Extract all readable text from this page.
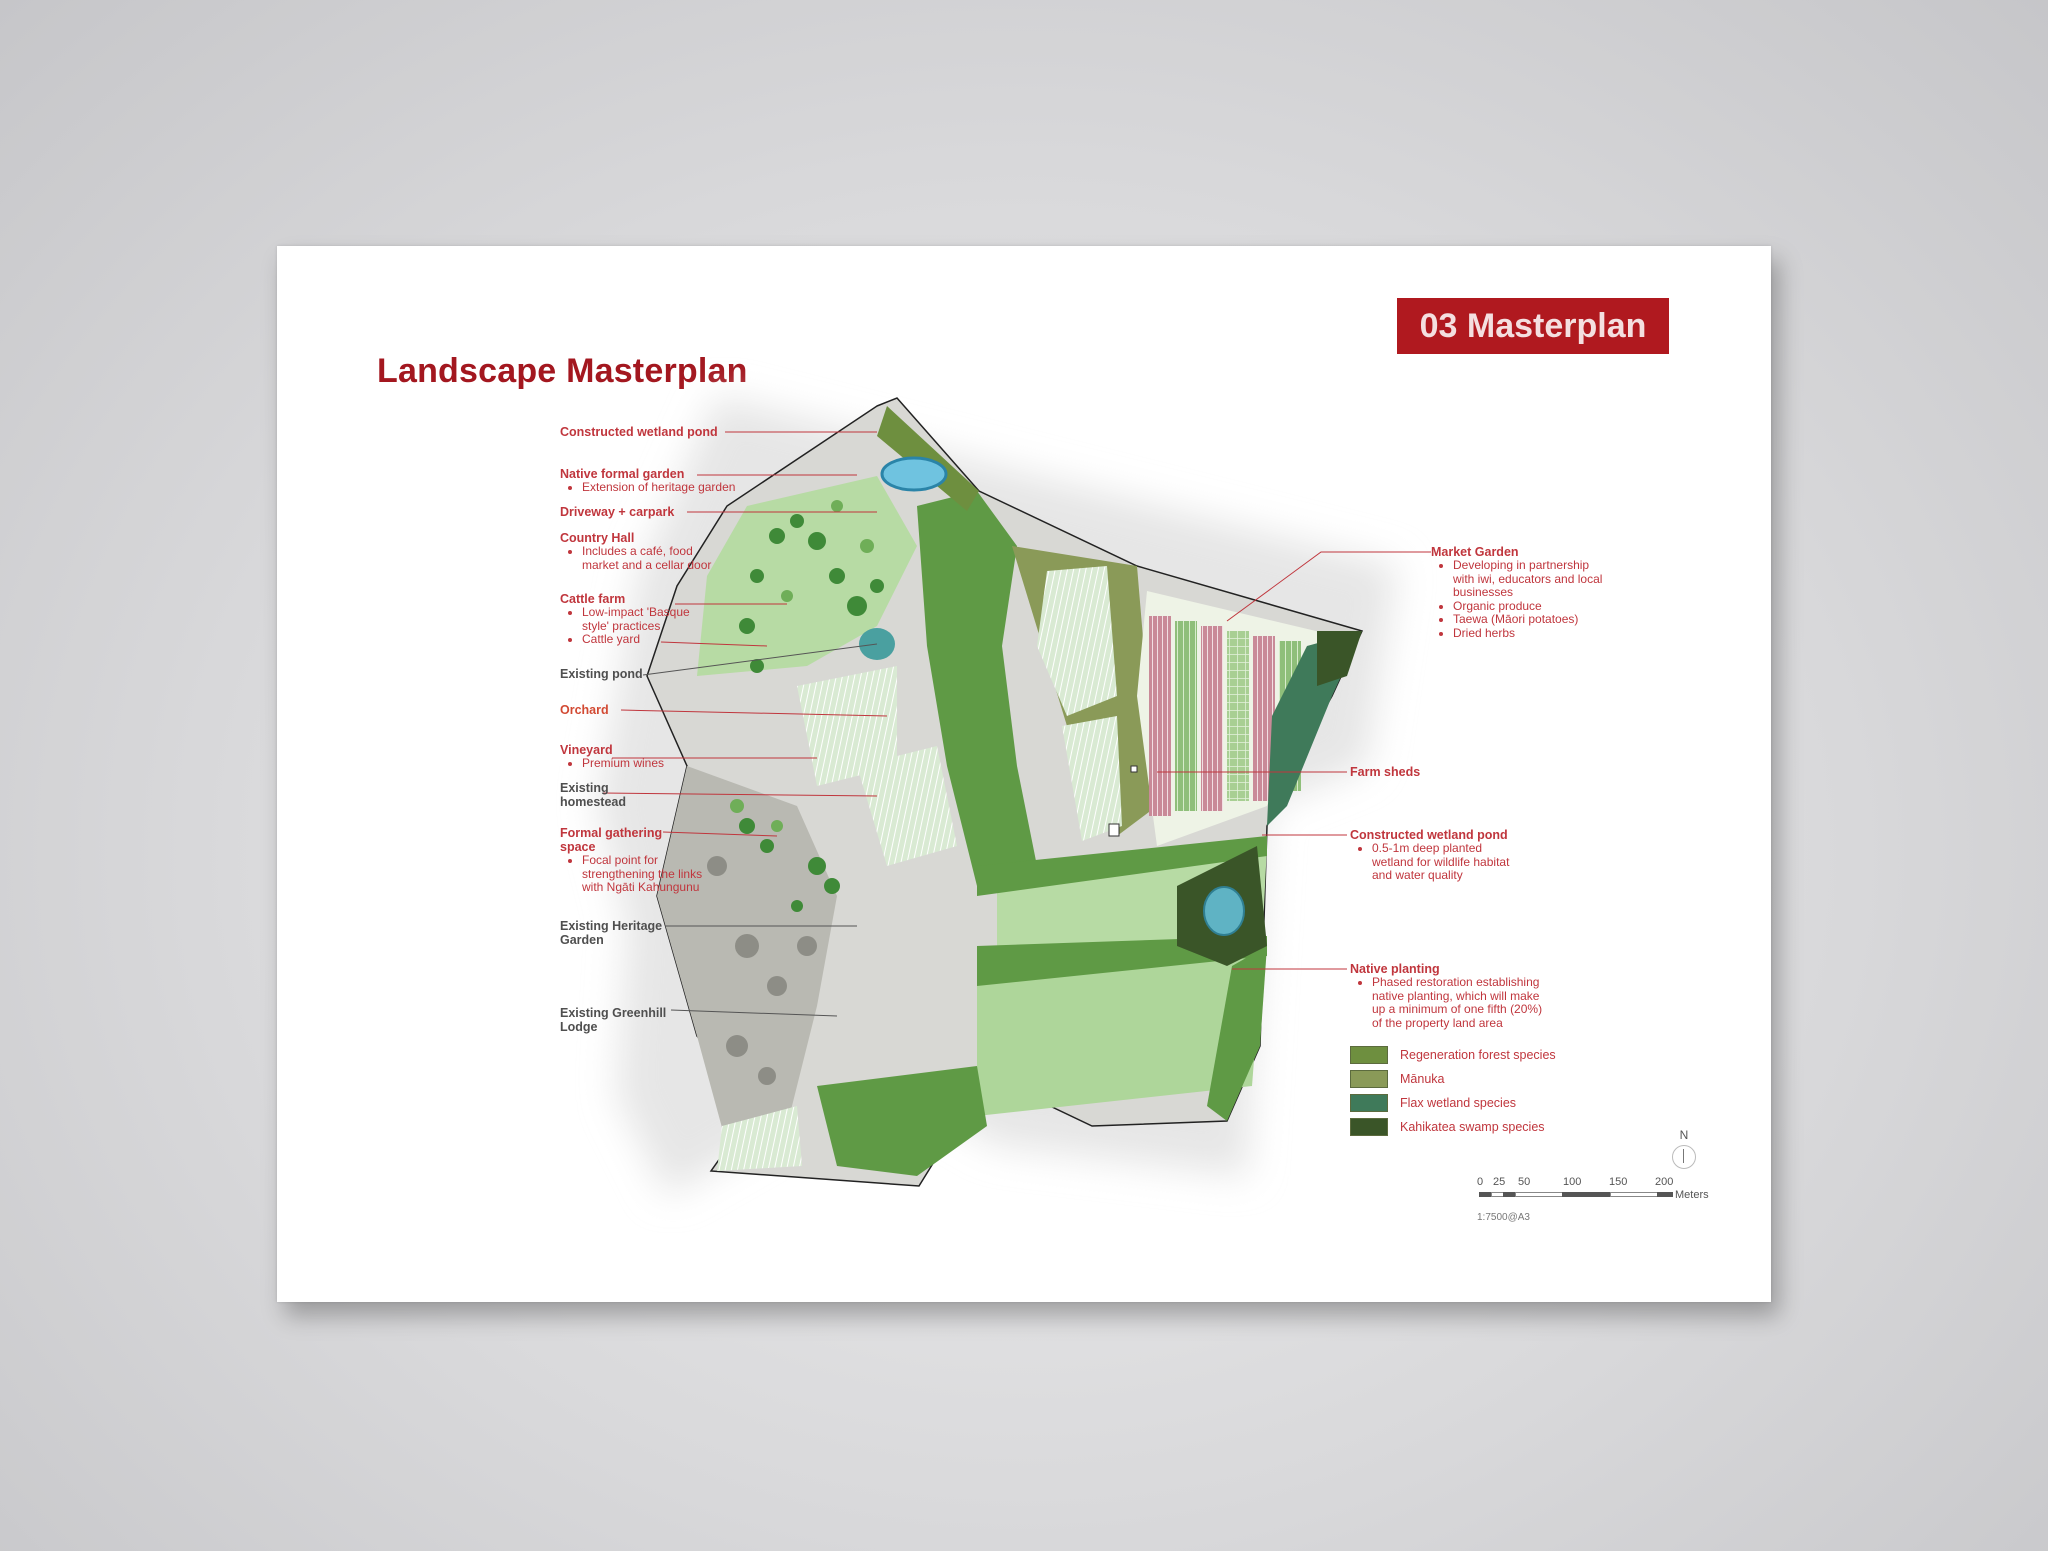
Landscape Masterplan
03 Masterplan
Constructed wetland pond
Native formal garden
• Extension of heritage garden
Driveway + carpark
Country Hall
• Includes a café, food market and a cellar door
Cattle farm
• Low-impact 'Basque style' practices
• Cattle yard
Existing pond
Orchard
Vineyard
• Premium wines
Existing homestead
Formal gathering space
• Focal point for strengthening the links with Ngāti Kahungunu
Existing Heritage Garden
Existing Greenhill Lodge
Market Garden
• Developing in partnership with iwi, educators and local businesses
• Organic produce
• Taewa (Māori potatoes)
• Dried herbs
Farm sheds
Constructed wetland pond
• 0.5-1m deep planted wetland for wildlife habitat and water quality
Native planting
• Phased restoration establishing native planting, which will make up a minimum of one fifth (20%) of the property land area
Regeneration forest species
Mānuka
Flax wetland species
Kahikatea swamp species
N
0 25 50	100	150	200
Meters
1:7500@A3
